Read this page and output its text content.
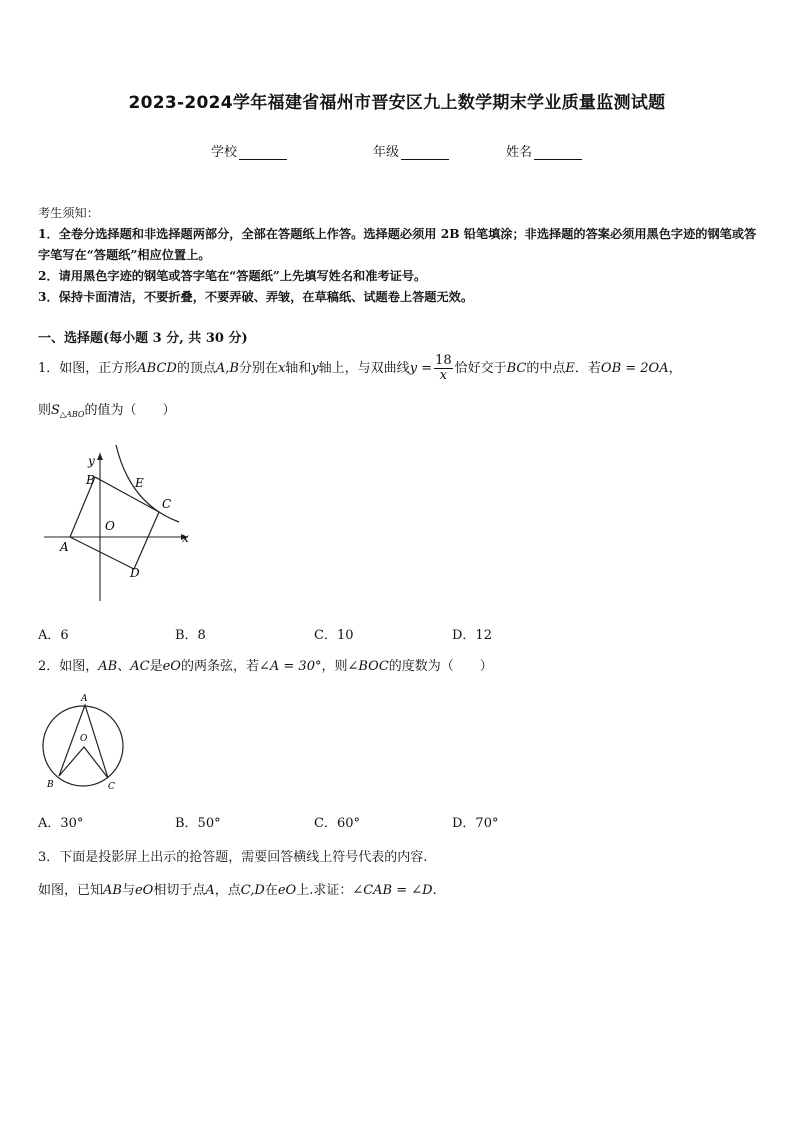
2023-2024学年福建省福州市晋安区九上数学期末学业质量监测试题
学校	年级	姓名
考生须知：
1．全卷分选择题和非选择题两部分，全部在答题纸上作答。选择题必须用 2B 铅笔填涂；非选择题的答案必须用黑色字迹的钢笔或答字笔写在“答题纸”相应位置上。
2．请用黑色字迹的钢笔或答字笔在“答题纸”上先填写姓名和准考证号。
3．保持卡面清洁，不要折叠，不要弄破、弄皱，在草稿纸、试题卷上答题无效。
一、选择题(每小题 3 分, 共 30 分)
1．如图，正方形ABCD的顶点A,B分别在x轴和y轴上，与双曲线$y = \frac{18}{x}$ 恰好交于BC的中点E．若OB = 2OA，
则$S_{\triangle ABO}$的值为（　　）
y
x
B	E
C
O
A
D
A．6	B．8	C．10	D．12
2．如图，AB、AC是eO的两条弦，若∠A = 30°，则∠BOC的度数为（　　）
A
O
B	C
A．30°	B．50°	C．60°	D．70°
3．下面是投影屏上出示的抢答题，需要回答横线上符号代表的内容.
如图，已知AB与eO相切于点A，点C,D在eO上.求证：∠CAB = ∠D.
